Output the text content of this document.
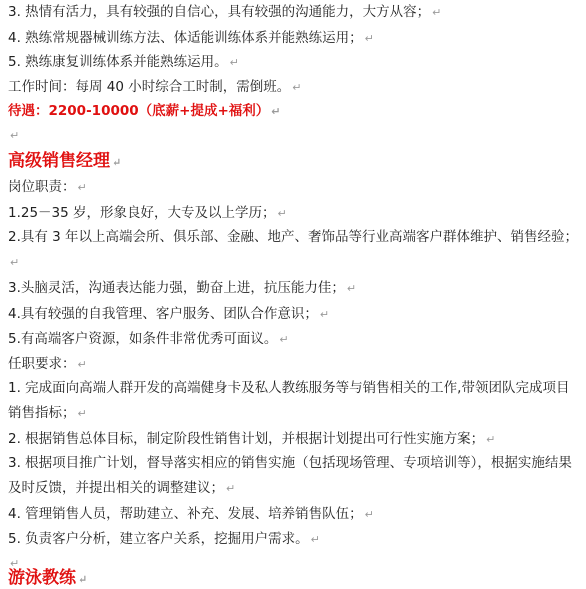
3. 热情有活力，具有较强的自信心，具有较强的沟通能力，大方从容； ↵
4. 熟练常规器械训练方法、体适能训练体系并能熟练运用； ↵
5. 熟练康复训练体系并能熟练运用。 ↵
工作时间：每周 40 小时综合工时制，需倒班。 ↵
待遇：2200-10000（底薪+提成+福利） ↵
↵
高级销售经理 ↵
岗位职责： ↵
1.25－35 岁，形象良好，大专及以上学历； ↵
2.具有 3 年以上高端会所、俱乐部、金融、地产、奢饰品等行业高端客户群体维护、销售经验；↵
3.头脑灵活，沟通表达能力强，勤奋上进，抗压能力佳； ↵
4.具有较强的自我管理、客户服务、团队合作意识； ↵
5.有高端客户资源，如条件非常优秀可面议。 ↵
任职要求： ↵
1. 完成面向高端人群开发的高端健身卡及私人教练服务等与销售相关的工作,带领团队完成项目销售指标； ↵
2. 根据销售总体目标，制定阶段性销售计划，并根据计划提出可行性实施方案； ↵
3. 根据项目推广计划，督导落实相应的销售实施（包括现场管理、专项培训等），根据实施结果及时反馈，并提出相关的调整建议； ↵
4. 管理销售人员，帮助建立、补充、发展、培养销售队伍； ↵
5. 负责客户分析，建立客户关系，挖掘用户需求。 ↵
↵
游泳教练 ↵
